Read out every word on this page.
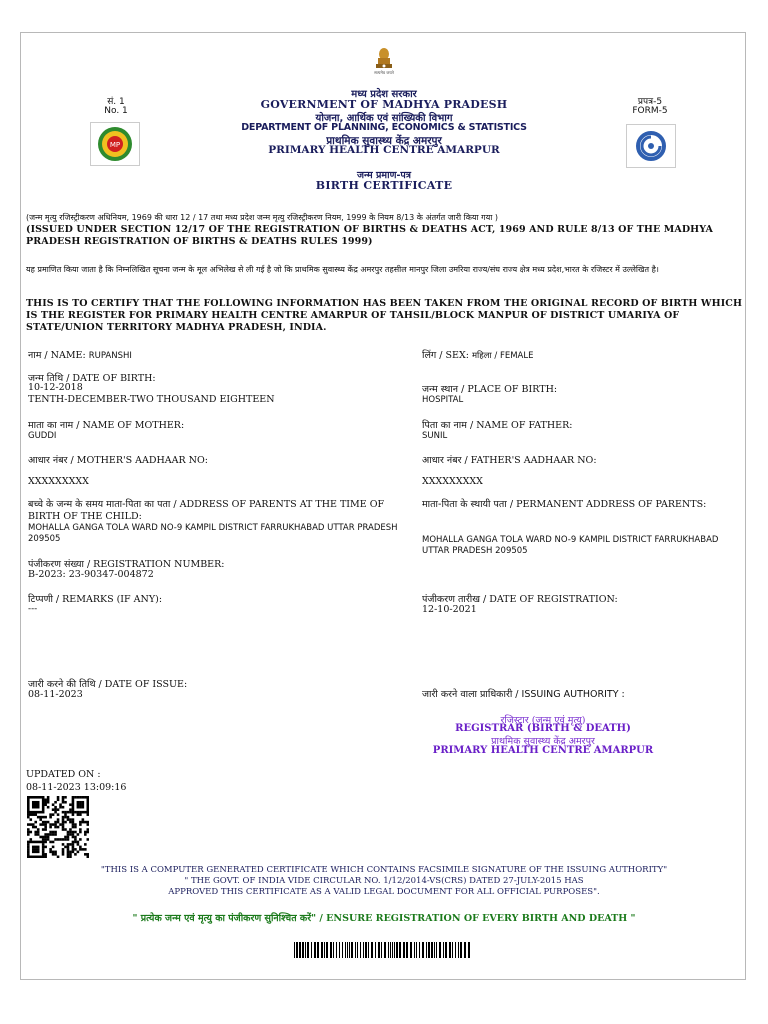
सत्यमेव जयते
मध्य प्रदेश सरकार
GOVERNMENT OF MADHYA PRADESH
योजना, आर्थिक एवं सांख्यिकी विभाग
DEPARTMENT OF PLANNING, ECONOMICS & STATISTICS
प्राथमिक सुवास्थ्य केंद्र अमरपुर
PRIMARY HEALTH CENTRE AMARPUR
जन्म प्रमाण-पत्र
BIRTH CERTIFICATE
सं. 1
No. 1
MP
प्रपत्र-5
FORM-5
(जन्म मृत्यु रजिस्ट्रीकरण अधिनियम, 1969 की धारा 12 / 17 तथा मध्य प्रदेश जन्म मृत्यु रजिस्ट्रीकरण नियम, 1999 के नियम 8/13 के अंतर्गत जारी किया गया )
(ISSUED UNDER SECTION 12/17 OF THE REGISTRATION OF BIRTHS & DEATHS ACT, 1969 AND RULE 8/13 OF THE MADHYA PRADESH REGISTRATION OF BIRTHS & DEATHS RULES 1999)
यह प्रमाणित किया जाता है कि निम्नलिखित सूचना जन्म के मूल अभिलेख से ली गई है जो कि प्राथमिक सुवास्थ्य केंद्र अमरपुर तहसील मानपुर जिला उमरिया राज्य/संघ राज्य क्षेत्र मध्य प्रदेश,भारत के रजिस्टर में उल्लेखित है।
THIS IS TO CERTIFY THAT THE FOLLOWING INFORMATION HAS BEEN TAKEN FROM THE ORIGINAL RECORD OF BIRTH WHICH IS THE REGISTER FOR PRIMARY HEALTH CENTRE AMARPUR OF TAHSIL/BLOCK MANPUR OF DISTRICT UMARIYA OF STATE/UNION TERRITORY MADHYA PRADESH, INDIA.
नाम / NAME: RUPANSHI
जन्म तिथि / DATE OF BIRTH:
10-12-2018
TENTH-DECEMBER-TWO THOUSAND EIGHTEEN
माता का नाम / NAME OF MOTHER:
GUDDI
आधार नंबर / MOTHER'S AADHAAR NO:
XXXXXXXXX
बच्चे के जन्म के समय माता-पिता का पता / ADDRESS OF PARENTS AT THE TIME OF BIRTH OF THE CHILD:
MOHALLA GANGA TOLA WARD NO-9 KAMPIL DISTRICT FARRUKHABAD UTTAR PRADESH 209505
पंजीकरण संख्या / REGISTRATION NUMBER:
B-2023: 23-90347-004872
टिप्पणी / REMARKS (IF ANY):
---
जारी करने की तिथि / DATE OF ISSUE:
08-11-2023
लिंग / SEX: महिला / FEMALE
जन्म स्थान / PLACE OF BIRTH:
HOSPITAL
पिता का नाम / NAME OF FATHER:
SUNIL
आधार नंबर / FATHER'S AADHAAR NO:
XXXXXXXXX
माता-पिता के स्थायी पता / PERMANENT ADDRESS OF PARENTS:
MOHALLA GANGA TOLA WARD NO-9 KAMPIL DISTRICT FARRUKHABAD UTTAR PRADESH 209505
पंजीकरण तारीख / DATE OF REGISTRATION:
12-10-2021
जारी करने वाला प्राधिकारी / ISSUING AUTHORITY :
रजिस्ट्रार (जन्म एवं मृत्यु)
REGISTRAR (BIRTH & DEATH)
प्राथमिक सुवास्थ्य केंद्र अमरपुर
PRIMARY HEALTH CENTRE AMARPUR
UPDATED ON :
08-11-2023 13:09:16
"THIS IS A COMPUTER GENERATED CERTIFICATE WHICH CONTAINS FACSIMILE SIGNATURE OF THE ISSUING AUTHORITY"
" THE GOVT. OF INDIA VIDE CIRCULAR NO. 1/12/2014-VS(CRS) DATED 27-JULY-2015 HAS
APPROVED THIS CERTIFICATE AS A VALID LEGAL DOCUMENT FOR ALL OFFICIAL PURPOSES".
" प्रत्येक जन्म एवं मृत्यु का पंजीकरण सुनिश्चित करें" / ENSURE REGISTRATION OF EVERY BIRTH AND DEATH "
